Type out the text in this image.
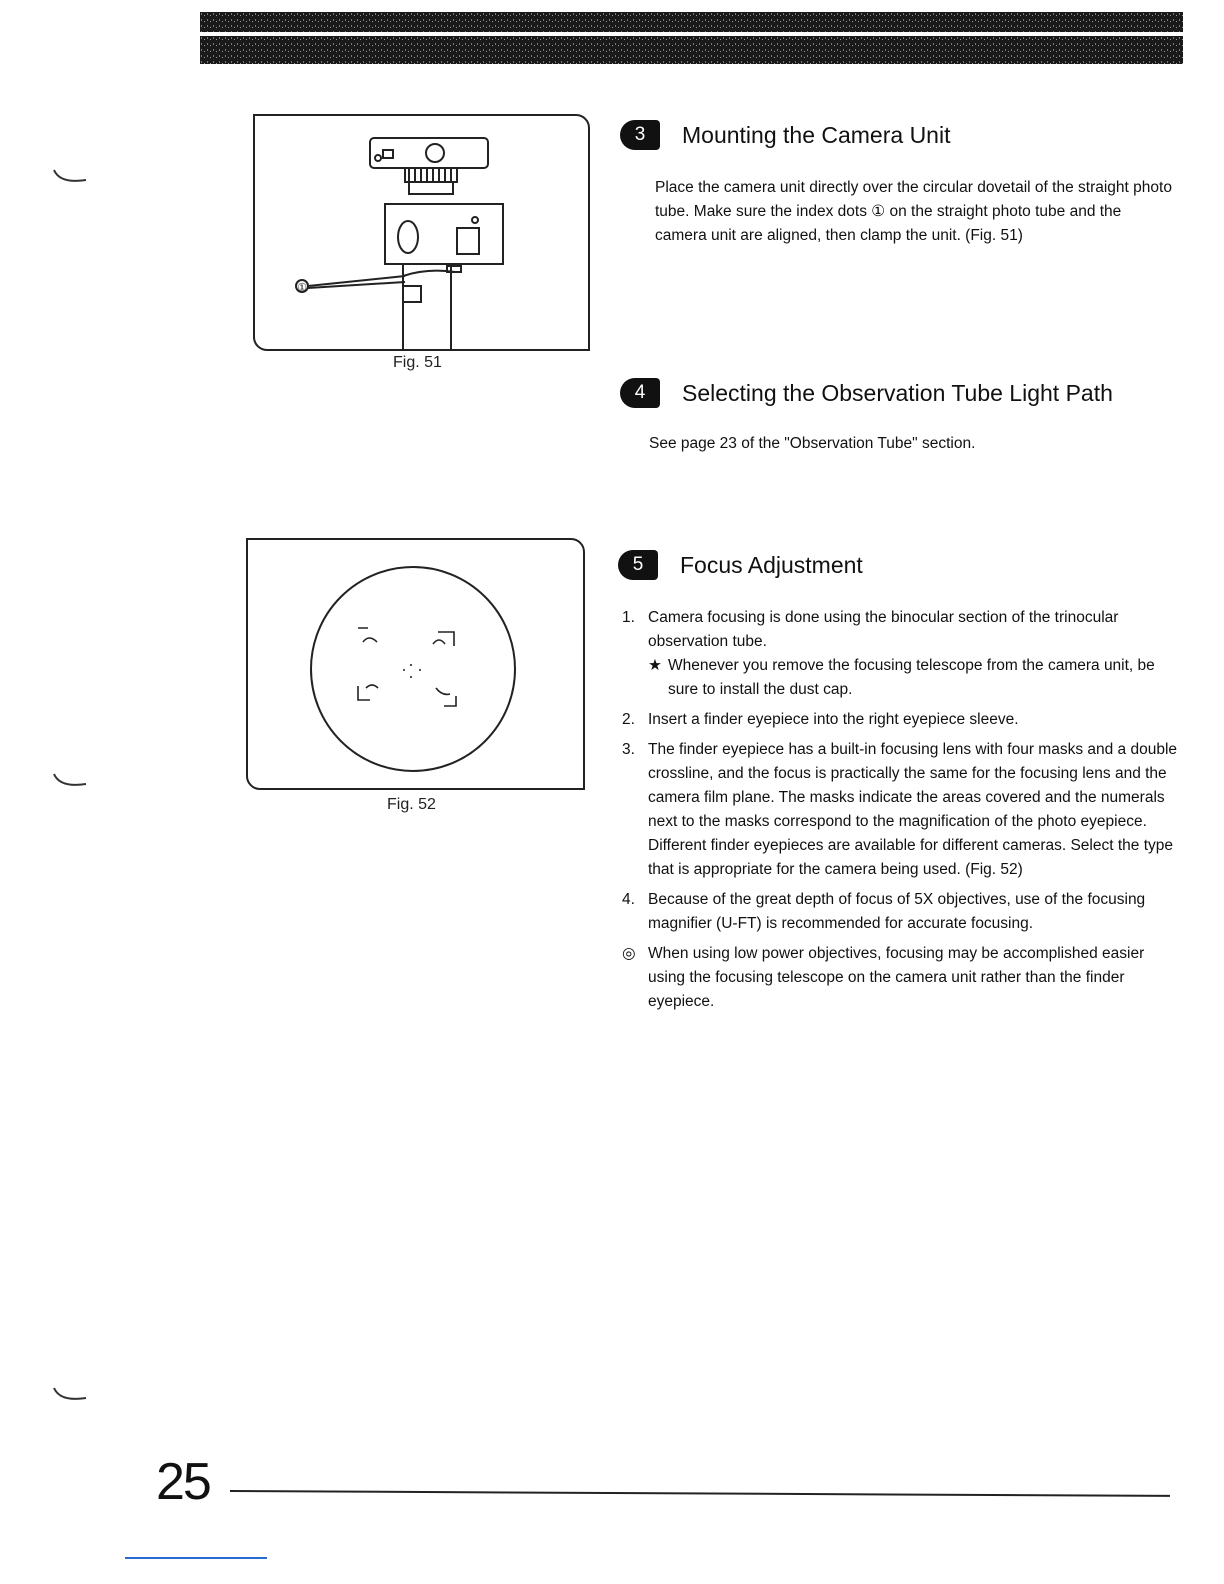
①
Fig. 51
Fig. 52
3	Mounting the Camera Unit

Place the camera unit directly over the circular dovetail of the straight photo tube. Make sure the index dots ① on the straight photo tube and the camera unit are aligned, then clamp the unit. (Fig. 51)

4	Selecting the Observation Tube Light Path

See page 23 of the "Observation Tube" section.

5	Focus Adjustment
1. Camera focusing is done using the binocular section of the trinocular observation tube.
★ Whenever you remove the focusing telescope from the camera unit, be sure to install the dust cap.
2. Insert a finder eyepiece into the right eyepiece sleeve.
3. The finder eyepiece has a built-in focusing lens with four masks and a double crossline, and the focus is practically the same for the focusing lens and the camera film plane. The masks indicate the areas covered and the numerals next to the masks correspond to the magnification of the photo eyepiece. Different finder eyepieces are available for different cameras. Select the type that is appropriate for the camera being used. (Fig. 52)
4. Because of the great depth of focus of 5X objectives, use of the focusing magnifier (U-FT) is recommended for accurate focusing.
◎ When using low power objectives, focusing may be accomplished easier using the focusing telescope on the camera unit rather than the finder eyepiece.
25
